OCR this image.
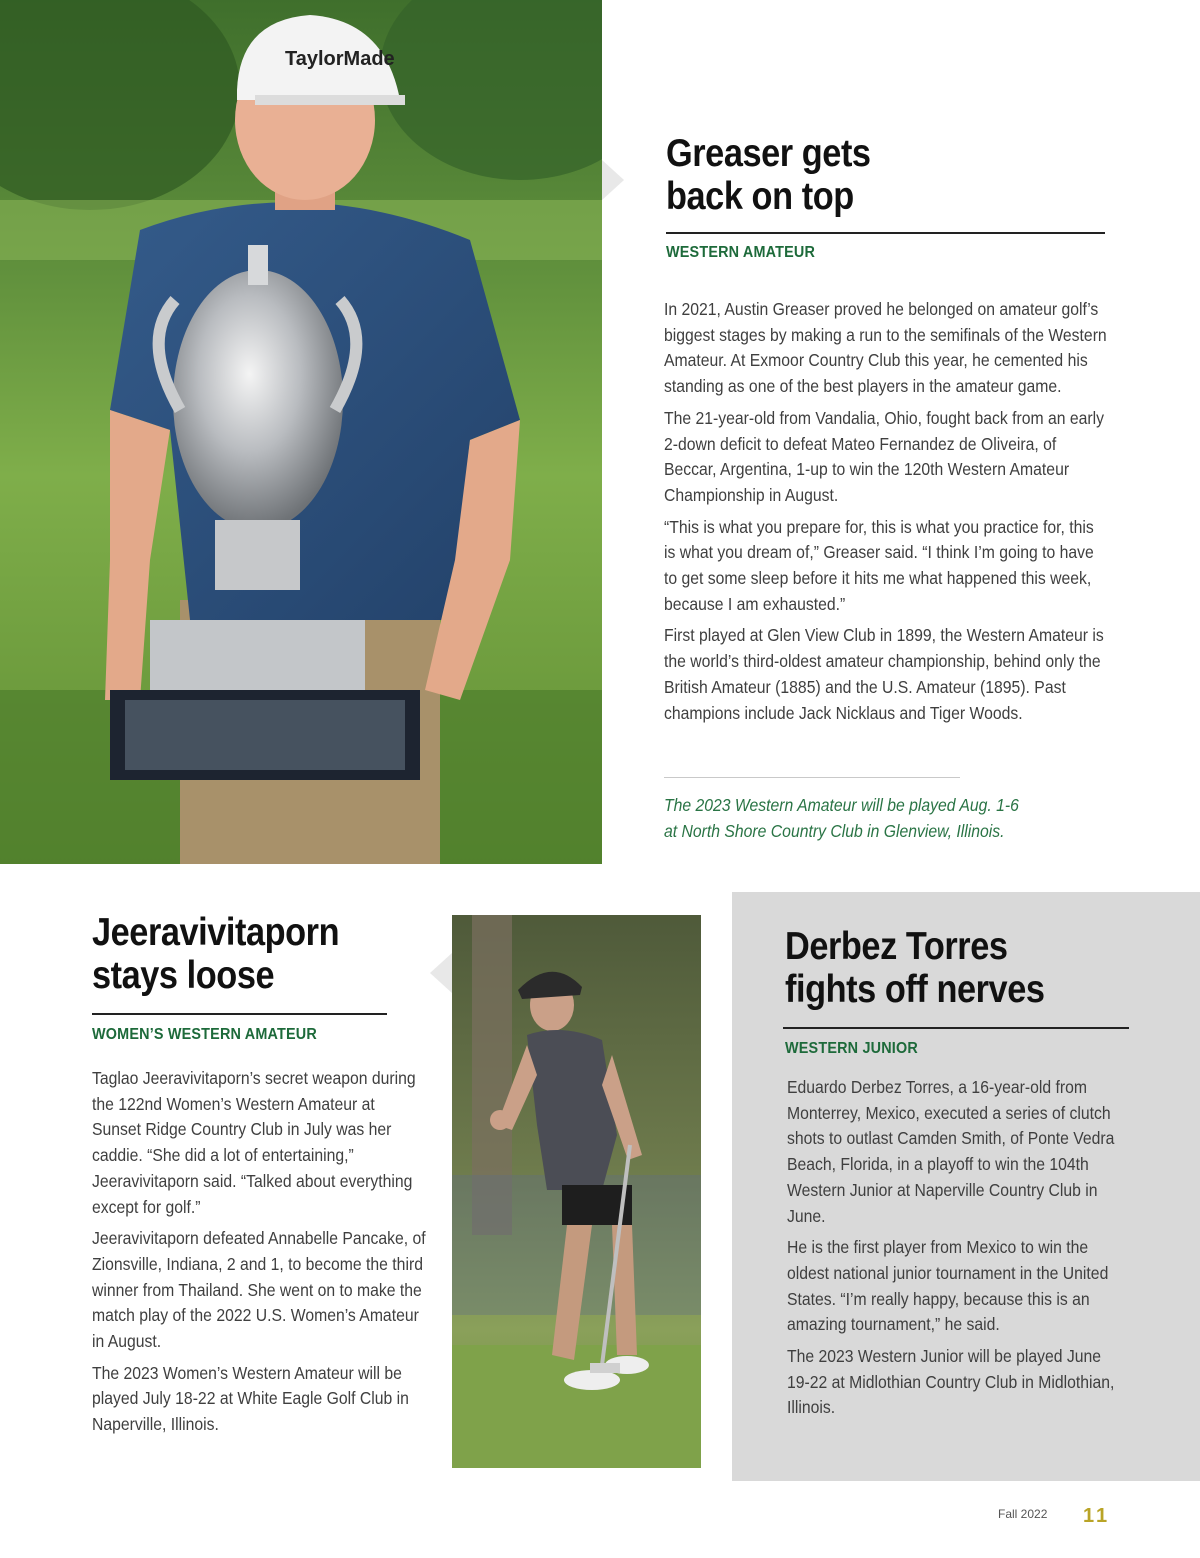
TaylorMade
Greaser gets
back on top
WESTERN AMATEUR

In 2021, Austin Greaser proved he belonged on amateur golf’s biggest stages by making a run to the semifinals of the Western Amateur. At Exmoor Country Club this year, he cemented his standing as one of the best players in the amateur game.

The 21-year-old from Vandalia, Ohio, fought back from an early 2-down deficit to defeat Mateo Fernandez de Oliveira, of Beccar, Argentina, 1-up to win the 120th Western Amateur Championship in August.

“This is what you prepare for, this is what you practice for, this is what you dream of,” Greaser said. “I think I’m going to have to get some sleep before it hits me what happened this week, because I am exhausted.”

First played at Glen View Club in 1899, the Western Amateur is the world’s third-oldest amateur championship, behind only the British Amateur (1885) and the U.S. Amateur (1895). Past champions include Jack Nicklaus and Tiger Woods.

The 2023 Western Amateur will be played Aug. 1-6
at North Shore Country Club in Glenview, Illinois.
Jeeravivitaporn
stays loose
WOMEN’S WESTERN AMATEUR

Taglao Jeeravivitaporn’s secret weapon during the 122nd Women’s Western Amateur at Sunset Ridge Country Club in July was her caddie. “She did a lot of entertaining,” Jeeravivitaporn said. “Talked about everything except for golf.”

Jeeravivitaporn defeated Annabelle Pancake, of Zionsville, Indiana, 2 and 1, to become the third winner from Thailand. She went on to make the match play of the 2022 U.S. Women’s Amateur in August.

The 2023 Women’s Western Amateur will be played July 18-22 at White Eagle Golf Club in Naperville, Illinois.

Derbez Torres
fights off nerves
WESTERN JUNIOR

Eduardo Derbez Torres, a 16-year-old from Monterrey, Mexico, executed a series of clutch shots to outlast Camden Smith, of Ponte Vedra Beach, Florida, in a playoff to win the 104th Western Junior at Naperville Country Club in June.

He is the first player from Mexico to win the oldest national junior tournament in the United States. “I’m really happy, because this is an amazing tournament,” he said.

The 2023 Western Junior will be played June 19-22 at Midlothian Country Club in Midlothian, Illinois.

Fall 2022 11
